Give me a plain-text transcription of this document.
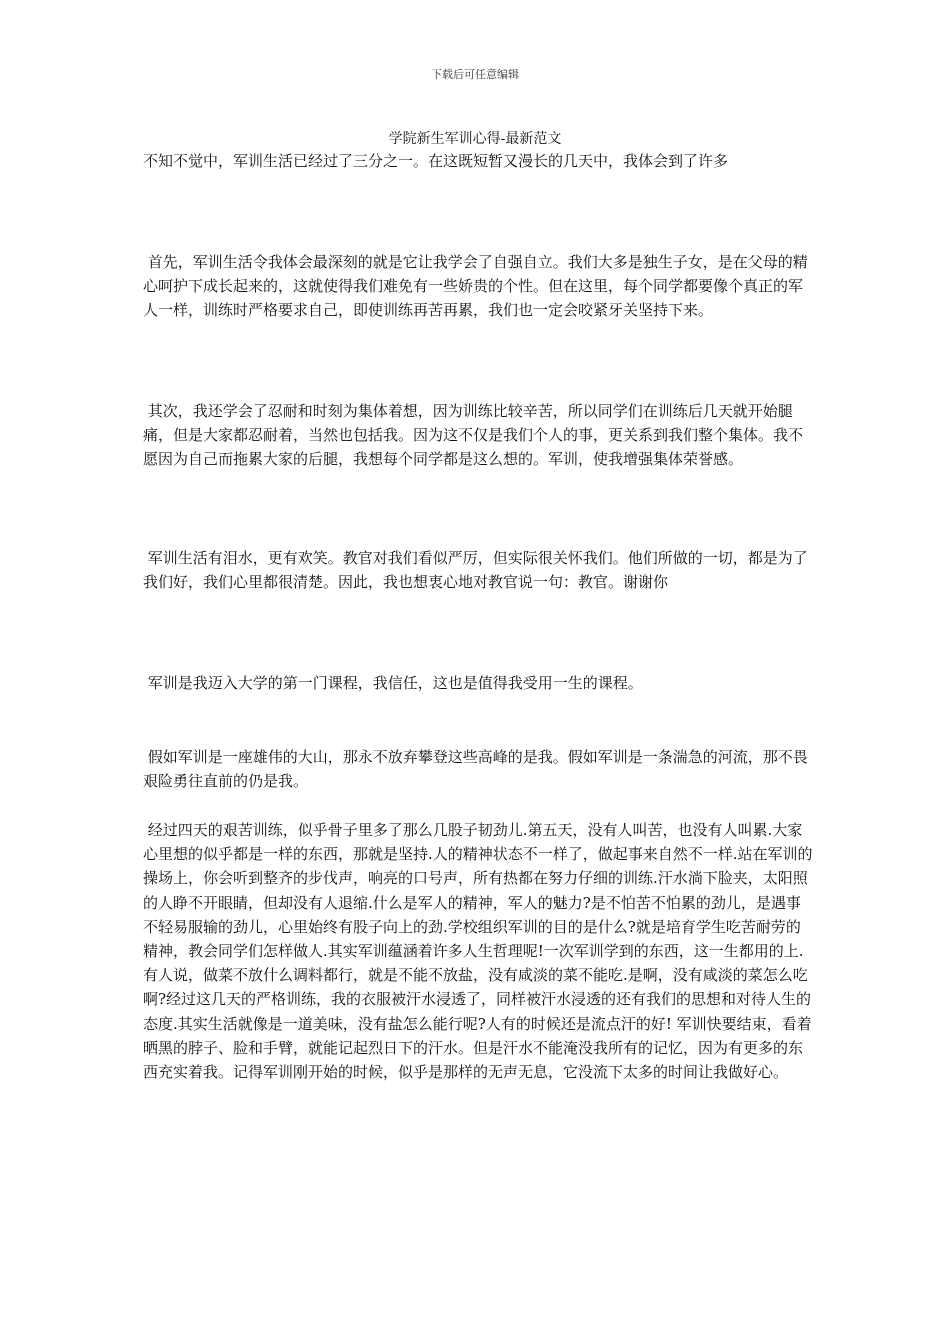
下载后可任意编辑
学院新生军训心得-最新范文

不知不觉中，军训生活已经过了三分之一。在这既短暂又漫长的几天中，我体会到了许多

首先，军训生活令我体会最深刻的就是它让我学会了自强自立。我们大多是独生子女，是在父母的精心呵护下成长起来的，这就使得我们难免有一些娇贵的个性。但在这里，每个同学都要像个真正的军人一样，训练时严格要求自己，即使训练再苦再累，我们也一定会咬紧牙关坚持下来。

其次，我还学会了忍耐和时刻为集体着想，因为训练比较辛苦，所以同学们在训练后几天就开始腿痛，但是大家都忍耐着，当然也包括我。因为这不仅是我们个人的事，更关系到我们整个集体。我不愿因为自己而拖累大家的后腿，我想每个同学都是这么想的。军训，使我增强集体荣誉感。

军训生活有泪水，更有欢笑。教官对我们看似严厉，但实际很关怀我们。他们所做的一切，都是为了我们好，我们心里都很清楚。因此，我也想衷心地对教官说一句：教官。谢谢你

军训是我迈入大学的第一门课程，我信任，这也是值得我受用一生的课程。

假如军训是一座雄伟的大山，那永不放弃攀登这些高峰的是我。假如军训是一条湍急的河流，那不畏艰险勇往直前的仍是我。

经过四天的艰苦训练，似乎骨子里多了那么几股子韧劲儿.第五天，没有人叫苦，也没有人叫累.大家心里想的似乎都是一样的东西，那就是坚持.人的精神状态不一样了，做起事来自然不一样.站在军训的操场上，你会听到整齐的步伐声，响亮的口号声，所有热都在努力仔细的训练.汗水淌下脸夹，太阳照的人睁不开眼睛，但却没有人退缩.什么是军人的精神，军人的魅力?是不怕苦不怕累的劲儿，是遇事不轻易服输的劲儿，心里始终有股子向上的劲.学校组织军训的目的是什么?就是培育学生吃苦耐劳的精神，教会同学们怎样做人.其实军训蕴涵着许多人生哲理呢!一次军训学到的东西，这一生都用的上.有人说，做菜不放什么调料都行，就是不能不放盐，没有咸淡的菜不能吃.是啊，没有咸淡的菜怎么吃啊?经过这几天的严格训练，我的衣服被汗水浸透了，同样被汗水浸透的还有我们的思想和对待人生的态度.其实生活就像是一道美味，没有盐怎么能行呢?人有的时候还是流点汗的好! 军训快要结束，看着晒黑的脖子、脸和手臂，就能记起烈日下的汗水。但是汗水不能淹没我所有的记忆，因为有更多的东西充实着我。记得军训刚开始的时候，似乎是那样的无声无息，它没流下太多的时间让我做好心。
